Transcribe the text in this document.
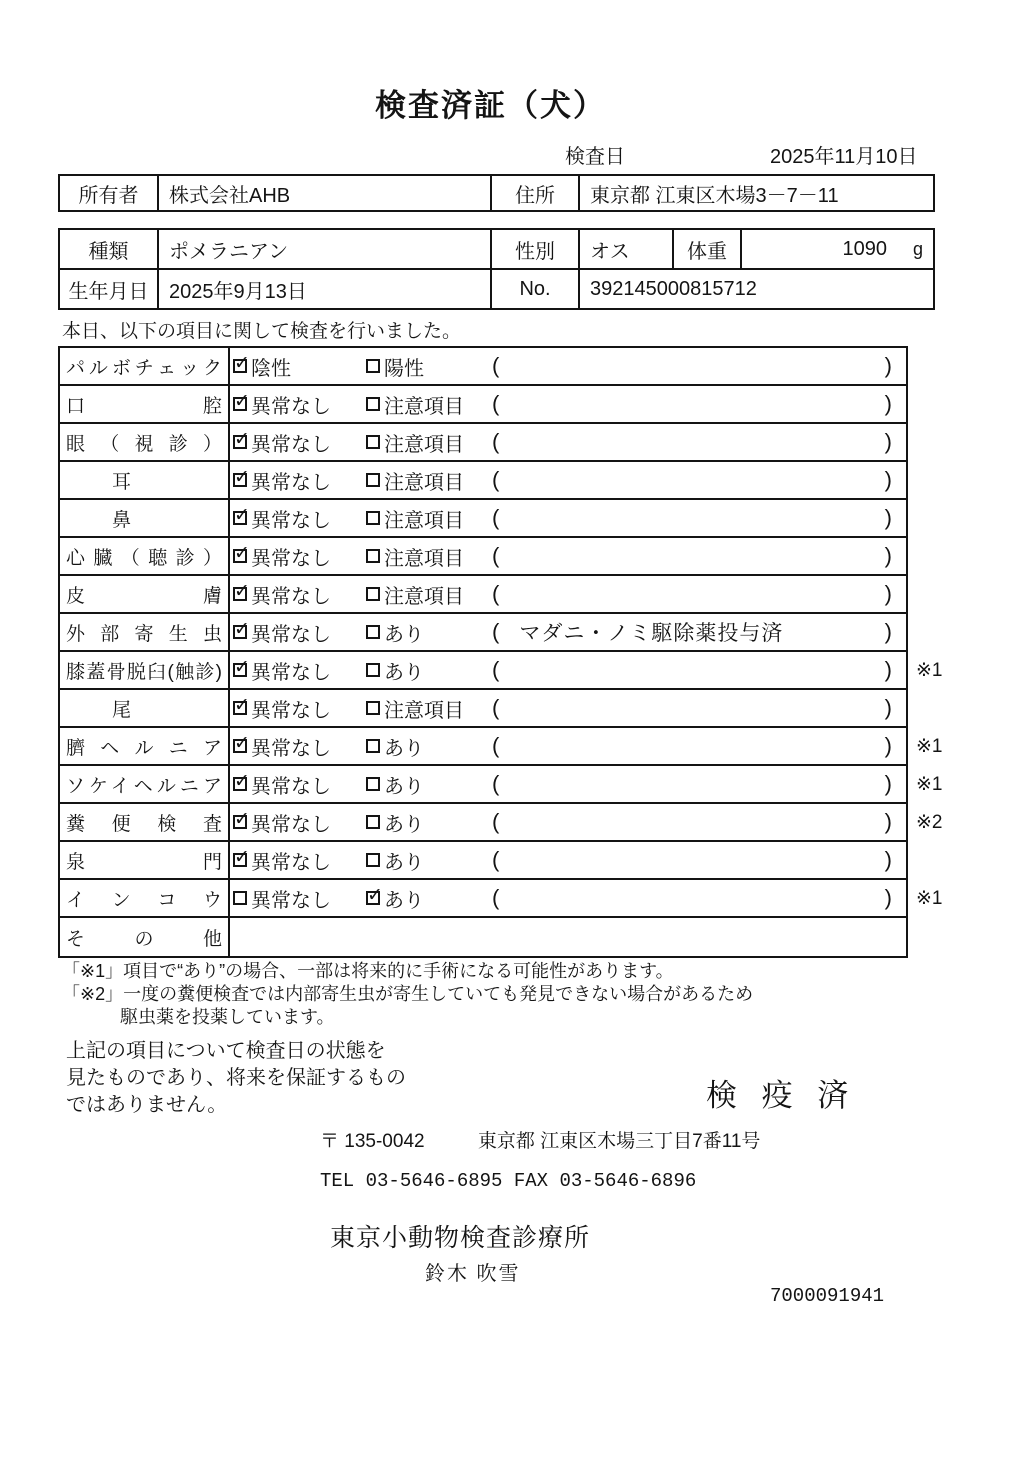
検査済証（犬）
検査日	2025年11月10日
所有者	株式会社AHB	住所	東京都 江東区木場3－7－11
種類	ポメラニアン	性別	オス	体重	1090	g
生年月日	2025年9月13日	No.	392145000815712
本日、以下の項目に関して検査を行いました。
パルボチェック ✓ 陰性	陽性	(	)
口腔 ✓ 異常なし	注意項目 (	)
眼（視診） ✓ 異常なし	注意項目 (	)
耳 ✓	異常なし	注意項目 (	)
鼻 ✓	異常なし	注意項目 (	)
心臓（聴診） ✓ 異常なし	注意項目 (	)
皮膚 ✓ 異常なし	注意項目 (	)
外部寄生虫 ✓ 異常なし	あり	( マダニ・ノミ駆除薬投与済	)
膝蓋骨脱臼(触診) ✓ 異常なし	あり	(	) ※1
尾 ✓	異常なし	注意項目 (	)
臍ヘルニア ✓ 異常なし	あり	(	) ※1
ソケイヘルニア ✓ 異常なし	あり	(	) ※1
糞便検査 ✓ 異常なし	あり	(	) ※2
泉門 ✓ 異常なし	あり	(	)
インコウ 異常なし ✓	あり	(	) ※1
その他
「※1」項目で“あり”の場合、一部は将来的に手術になる可能性があります。
「※2」一度の糞便検査では内部寄生虫が寄生していても発見できない場合があるため
駆虫薬を投薬しています。
上記の項目について検査日の状態を
見たものであり、将来を保証するもの
ではありません。	検 疫 済
〒 135-0042	東京都 江東区木場三丁目7番11号
TEL 03-5646-6895 FAX 03-5646-6896
東京小動物検査診療所
鈴木 吹雪
7000091941
